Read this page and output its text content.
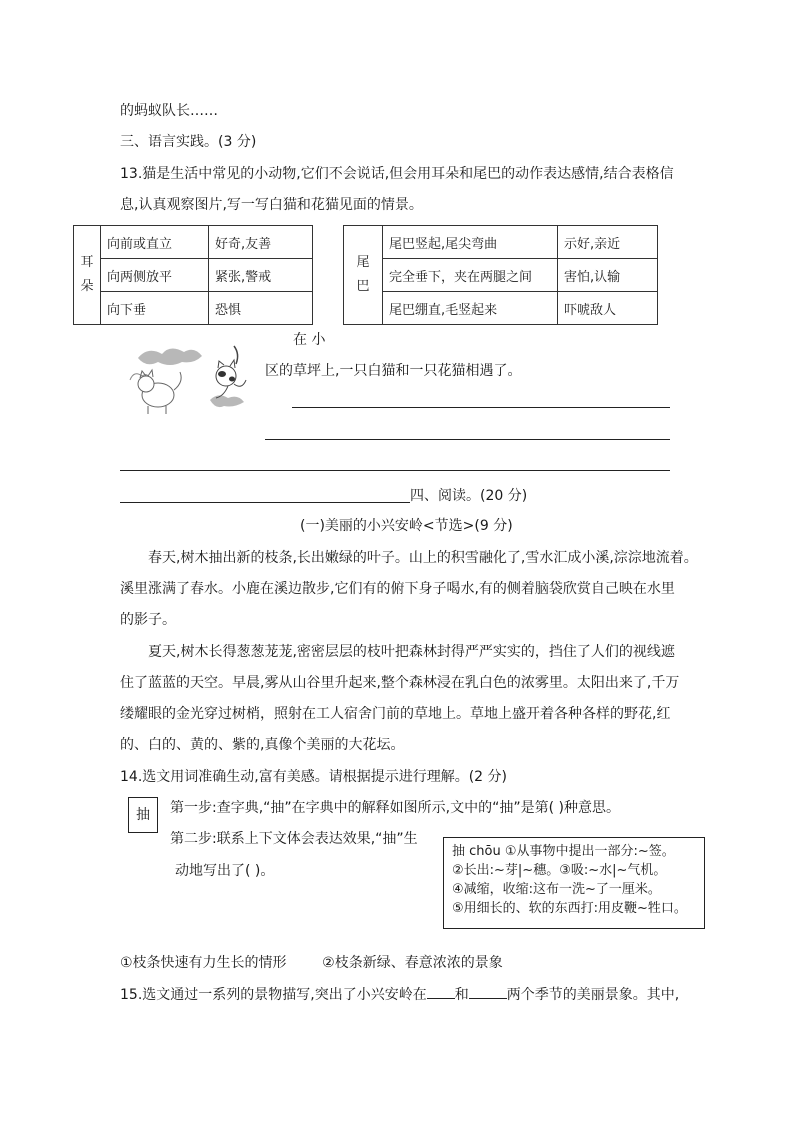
的蚂蚁队长……
三、语言实践。(3 分)
13.猫是生活中常见的小动物,它们不会说话,但会用耳朵和尾巴的动作表达感情,结合表格信
息,认真观察图片,写一写白猫和花猫见面的情景。
耳
朵	向前或直立	好奇,友善
	向两侧放平	紧张,警戒
	向下垂	恐惧
尾
巴	尾巴竖起,尾尖弯曲	示好,亲近
	完全垂下，夹在两腿之间	害怕,认输
	尾巴绷直,毛竖起来	吓唬敌人
在 小
区的草坪上,一只白猫和一只花猫相遇了。
四、阅读。(20 分)
(一)美丽的小兴安岭<节选>(9 分)
春天,树木抽出新的枝条,长出嫩绿的叶子。山上的积雪融化了,雪水汇成小溪,淙淙地流着。
溪里涨满了春水。小鹿在溪边散步,它们有的俯下身子喝水,有的侧着脑袋欣赏自己映在水里
的影子。
夏天,树木长得葱葱茏茏,密密层层的枝叶把森林封得严严实实的，挡住了人们的视线遮
住了蓝蓝的天空。早晨,雾从山谷里升起来,整个森林浸在乳白色的浓雾里。太阳出来了,千万
缕耀眼的金光穿过树梢，照射在工人宿舍门前的草地上。草地上盛开着各种各样的野花,红
的、白的、黄的、紫的,真像个美丽的大花坛。
14.选文用词准确生动,富有美感。请根据提示进行理解。(2 分)
抽	第一步:查字典,“抽”在字典中的解释如图所示,文中的“抽”是第( )种意思。
第二步:联系上下文体会表达效果,“抽”生
动地写出了( )。
抽 chōu ①从事物中提出一部分:~签。
②长出:~芽|~穗。③吸:~水|~气机。
④减缩，收缩:这布一洗~了一厘米。
⑤用细长的、软的东西打:用皮鞭~牲口。
①枝条快速有力生长的情形        ②枝条新绿、春意浓浓的景象
15.选文通过一系列的景物描写,突出了小兴安岭在 和	两个季节的美丽景象。其中,
